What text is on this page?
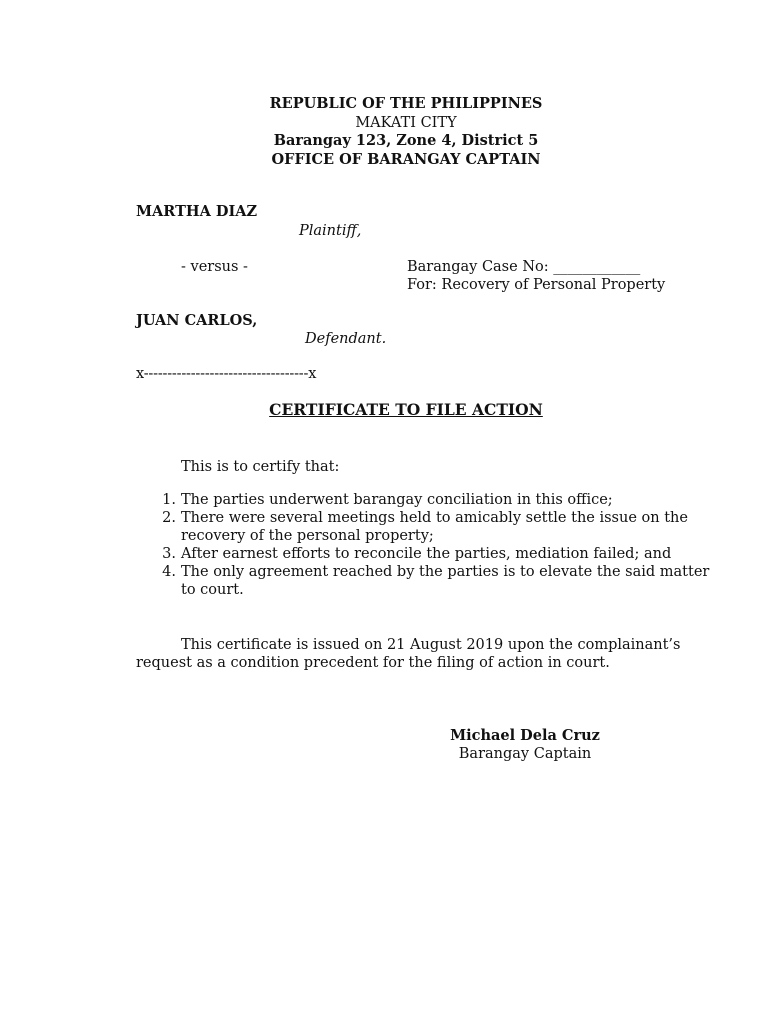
REPUBLIC OF THE PHILIPPINES
MAKATI CITY
Barangay 123, Zone 4, District 5
OFFICE OF BARANGAY CAPTAIN
MARTHA DIAZ
Plaintiff,
- versus -	Barangay Case No: ____________
For: Recovery of Personal Property
JUAN CARLOS,
Defendant.
x-----------------------------------x
CERTIFICATE TO FILE ACTION
This is to certify that:
1. The parties underwent barangay conciliation in this office;
2. There were several meetings held to amicably settle the issue on the recovery of the personal property;
3. After earnest efforts to reconcile the parties, mediation failed; and
4. The only agreement reached by the parties is to elevate the said matter to court.
This certificate is issued on 21 August 2019 upon the complainant’s request as a condition precedent for the filing of action in court.
Michael Dela Cruz
Barangay Captain
